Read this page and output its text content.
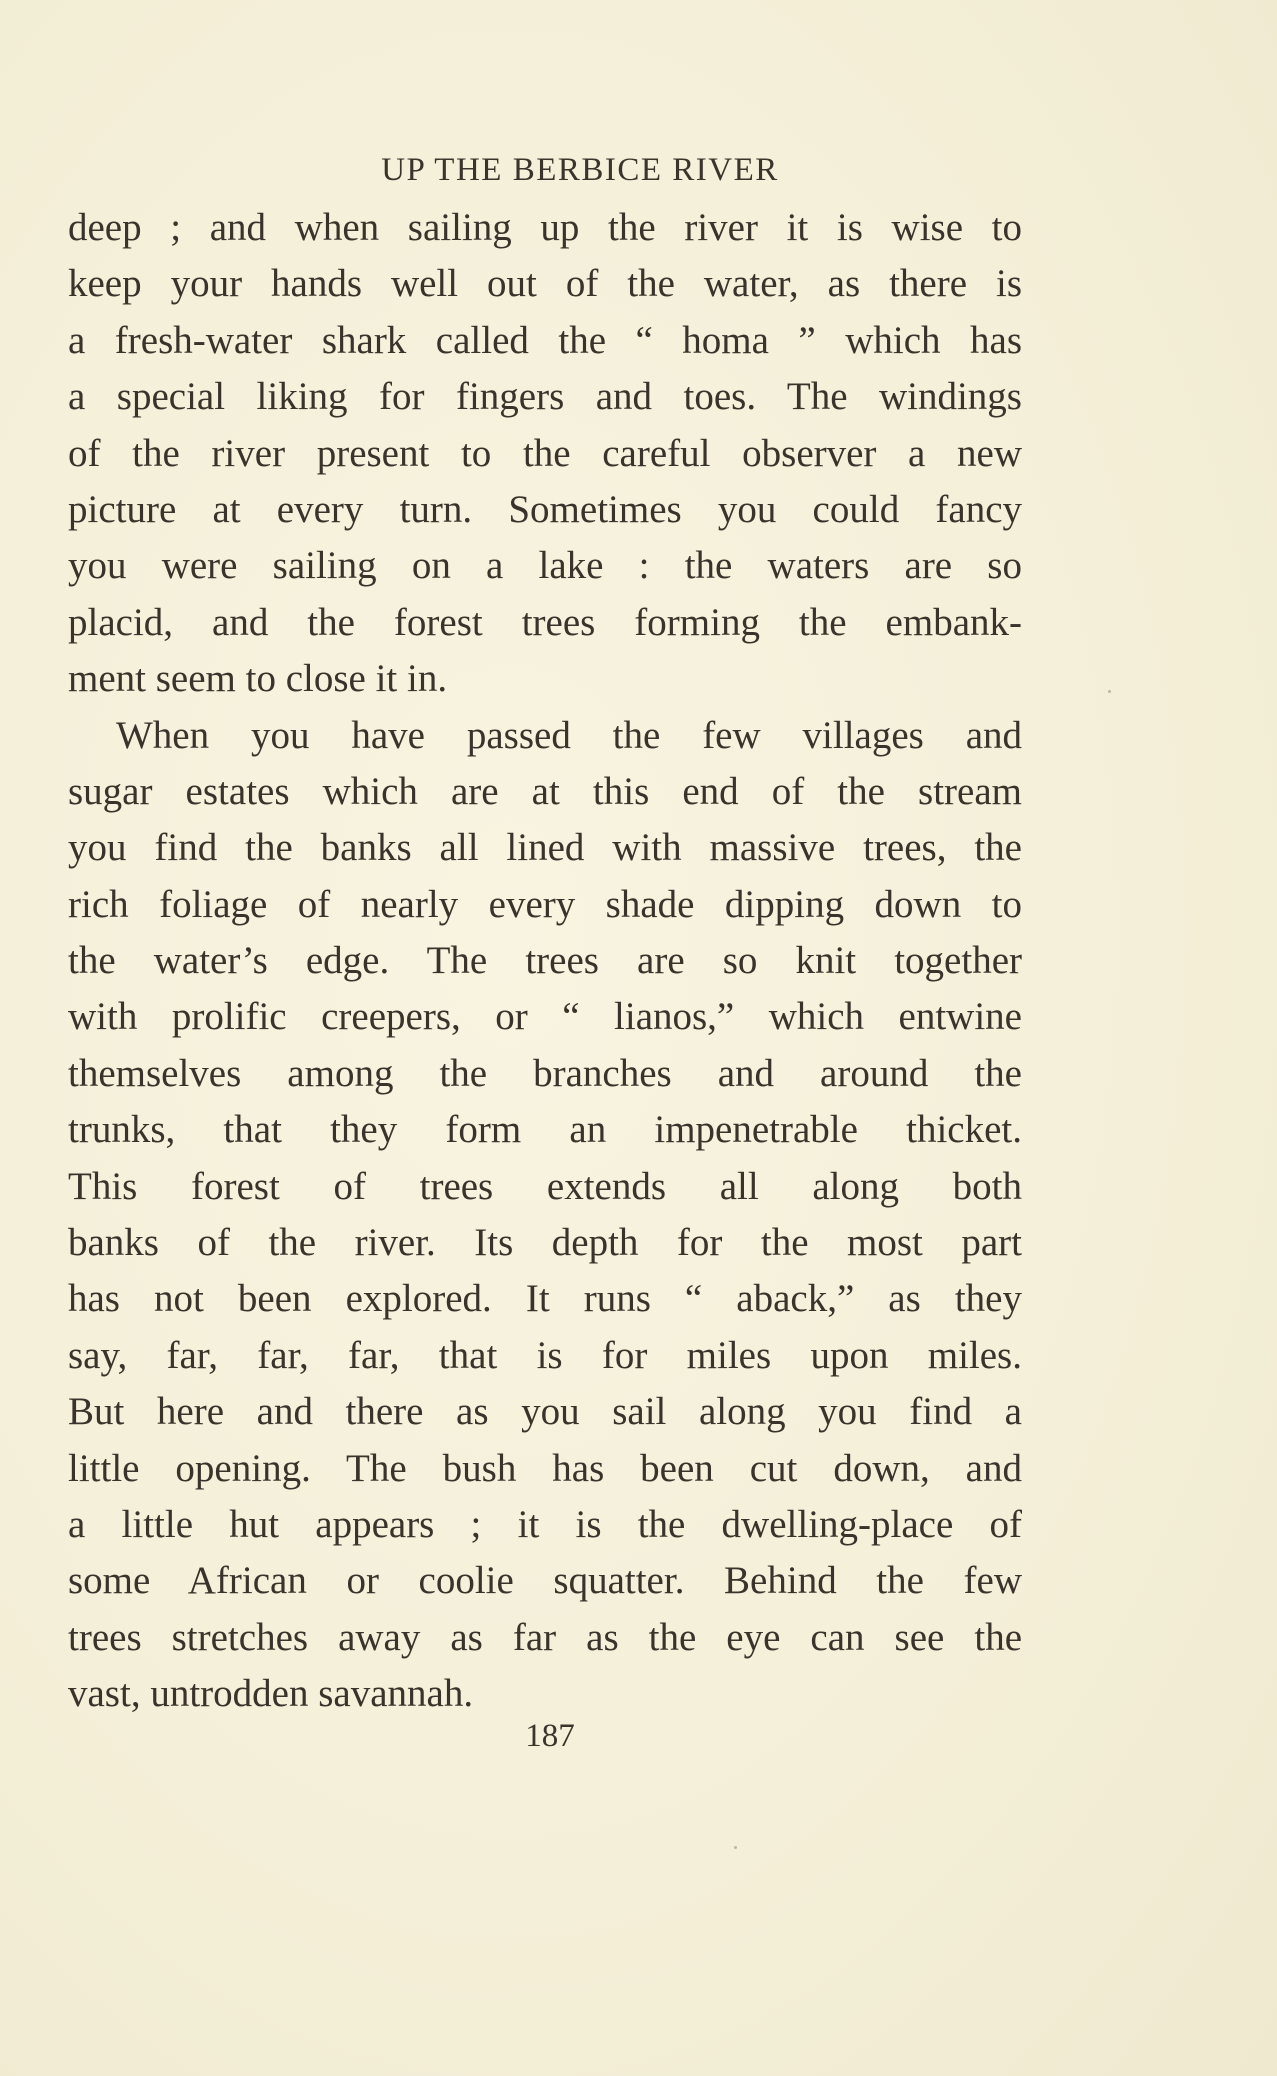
UP THE BERBICE RIVER
deep ; and when sailing up the river it is wise to
keep your hands well out of the water, as there is
a fresh-water shark called the “ homa ” which has
a special liking for fingers and toes. The windings
of the river present to the careful observer a new
picture at every turn. Sometimes you could fancy
you were sailing on a lake : the waters are so
placid, and the forest trees forming the embank-
ment seem to close it in.
When you have passed the few villages and
sugar estates which are at this end of the stream
you find the banks all lined with massive trees, the
rich foliage of nearly every shade dipping down to
the water’s edge. The trees are so knit together
with prolific creepers, or “ lianos,” which entwine
themselves among the branches and around the
trunks, that they form an impenetrable thicket.
This forest of trees extends all along both
banks of the river. Its depth for the most part
has not been explored. It runs “ aback,” as they
say, far, far, far, that is for miles upon miles.
But here and there as you sail along you find a
little opening. The bush has been cut down, and
a little hut appears ; it is the dwelling-place of
some African or coolie squatter. Behind the few
trees stretches away as far as the eye can see the
vast, untrodden savannah.
187
